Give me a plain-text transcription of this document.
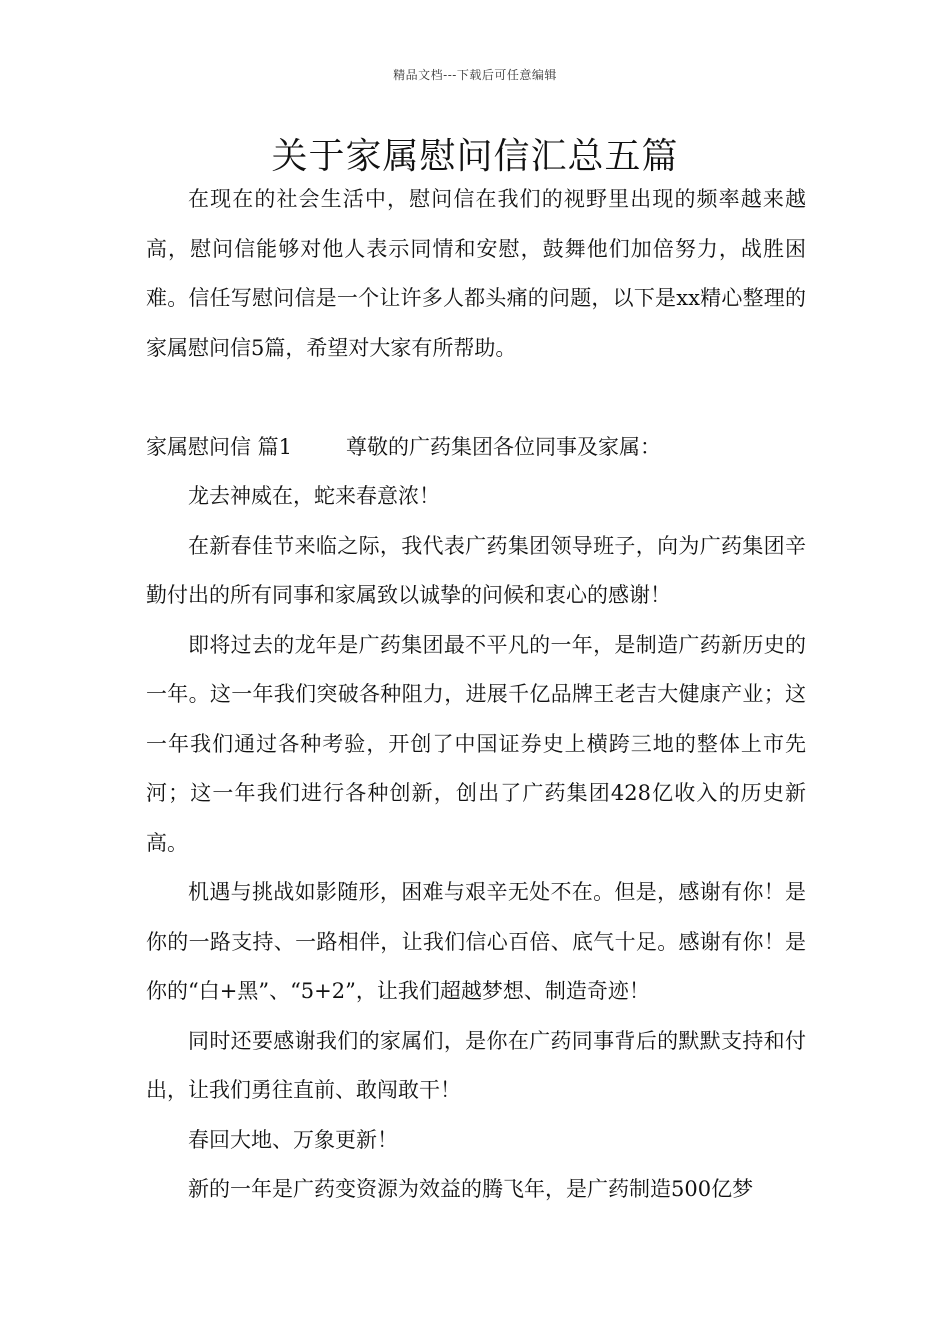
精品文档---下载后可任意编辑
关于家属慰问信汇总五篇

在现在的社会生活中，慰问信在我们的视野里出现的频率越来越高，慰问信能够对他人表示同情和安慰，鼓舞他们加倍努力，战胜困难。信任写慰问信是一个让许多人都头痛的问题，以下是xx精心整理的家属慰问信5篇，希望对大家有所帮助。

家属慰问信 篇1	尊敬的广药集团各位同事及家属：

龙去神威在，蛇来春意浓！

在新春佳节来临之际，我代表广药集团领导班子，向为广药集团辛勤付出的所有同事和家属致以诚挚的问候和衷心的感谢！

即将过去的龙年是广药集团最不平凡的一年，是制造广药新历史的一年。这一年我们突破各种阻力，进展千亿品牌王老吉大健康产业；这一年我们通过各种考验，开创了中国证券史上横跨三地的整体上市先河；这一年我们进行各种创新，创出了广药集团428亿收入的历史新高。

机遇与挑战如影随形，困难与艰辛无处不在。但是，感谢有你！是你的一路支持、一路相伴，让我们信心百倍、底气十足。感谢有你！是你的“白+黑”、“5+2”，让我们超越梦想、制造奇迹！

同时还要感谢我们的家属们，是你在广药同事背后的默默支持和付出，让我们勇往直前、敢闯敢干！

春回大地、万象更新！

新的一年是广药变资源为效益的腾飞年，是广药制造500亿梦
